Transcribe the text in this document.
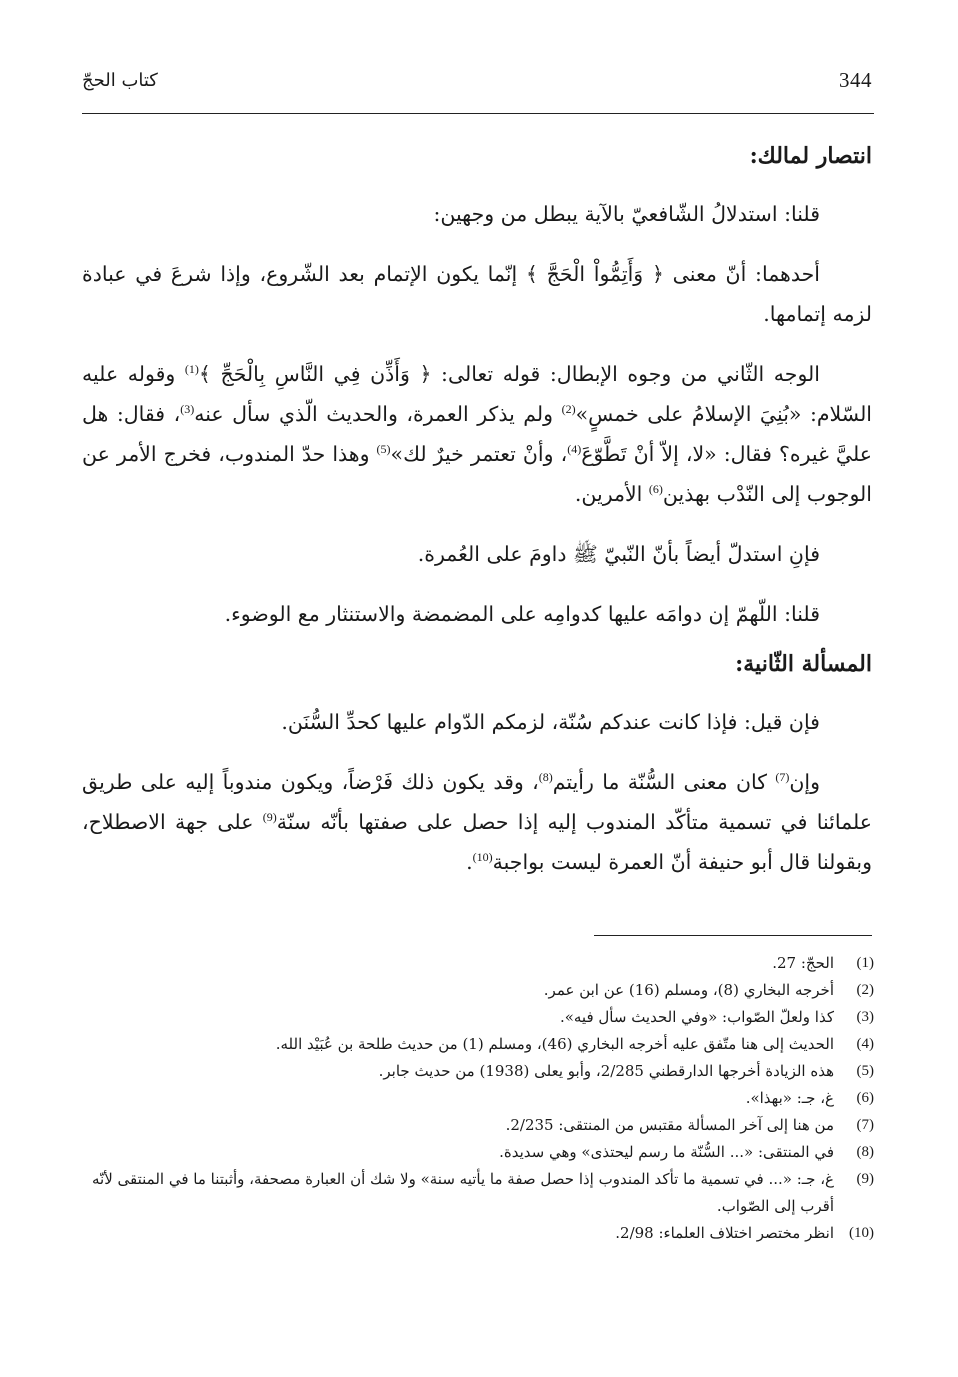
344
كتاب الحجّ
انتصار لمالك:

قلنا: استدلالُ الشّافعيّ بالآية يبطل من وجهين:

أحدهما: أنّ معنى ﴿ وَأَتِمُّواْ الْحَجَّ ﴾ إنّما يكون الإتمام بعد الشّروع، وإذا شرعَ في عبادة لزمه إتمامها.

الوجه الثّاني من وجوه الإبطال: قوله تعالى: ﴿ وَأَذِّن فِي النَّاسِ بِالْحَجِّ ﴾$^{(1)}$ وقوله عليه السّلام: «بُنِيَ الإسلامُ على خمسٍ»$^{(2)}$ ولم يذكر العمرة، والحديث الّذي سأل عنه$^{(3)}$، فقال: هل عليَّ غيره؟ فقال: «لا، إلاّ أنْ تَطَّوّعَ$^{(4)}$، وأنْ تعتمر خيرٌ لك»$^{(5)}$ وهذا حدّ المندوب، فخرج الأمر عن الوجوب إلى النّدْب بهذين$^{(6)}$ الأمرين.

فإنِ استدلّ أيضاً بأنّ النّبيّ ﷺ داومَ على العُمرة.

قلنا: اللّهمّ إن دوامَه عليها كدوامِه على المضمضة والاستنثار مع الوضوء.

المسألة الثّانية:

فإن قيل: فإذا كانت عندكم سُنّة، لزمكم الدّوام عليها كحدِّ السُّنَن.

وإن$^{(7)}$ كان معنى السُّنّة ما رأيتم$^{(8)}$، وقد يكون ذلك فَرْضاً، ويكون مندوباً إليه على طريق علمائنا في تسمية متأكّد المندوب إليه إذا حصل على صفتها بأنّه سنّة$^{(9)}$ على جهة الاصطلاح، وبقولنا قال أبو حنيفة أنّ العمرة ليست بواجبة$^{(10)}$.

(1)
الحجّ: 27.
(2)
أخرجه البخاري (8)، ومسلم (16) عن ابن عمر.
(3)
كذا ولعلّ الصّواب: «وفي الحديث سأل فيه».
(4)
الحديث إلى هنا متّفق عليه أخرجه البخاري (46)، ومسلم (1) من حديث طلحة بن عُبَيْد الله.
(5)
هذه الزيادة أخرجها الدارقطني 2/285، وأبو يعلى (1938) من حديث جابر.
(6)
غ، جـ: «بهذا».
(7)
من هنا إلى آخر المسألة مقتبس من المنتقى: 2/235.
(8)
في المنتقى: «... السُّنّة ما رسم ليحتذى» وهي سديدة.
(9)
غ، جـ: «... في تسمية ما تأكد المندوب إذا حصل صفة ما يأتيه سنة» ولا شك أن العبارة مصحفة، وأثبتنا ما في المنتقى لأنّه أقرب إلى الصّواب.
(10)
انظر مختصر اختلاف العلماء: 2/98.
